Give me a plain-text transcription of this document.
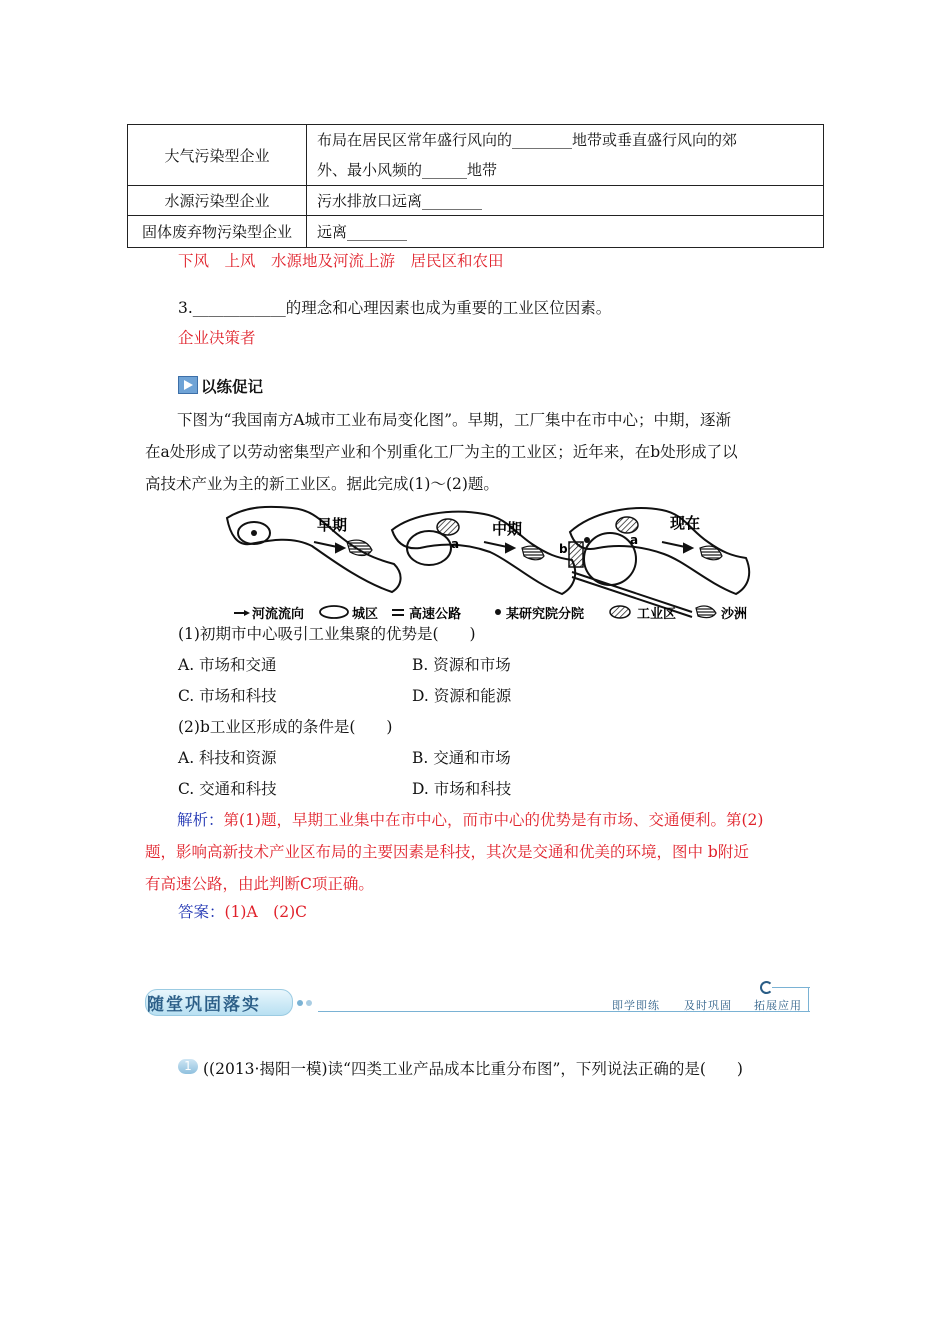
大气污染型企业	布局在居民区常年盛行风向的________地带或垂直盛行风向的郊
外、最小风频的______地带

水源污染型企业	污水排放口远离________
固体废弃物污染型企业	远离________
下风　上风　水源地及河流上游　居民区和农田
3.____________的理念和心理因素也成为重要的工业区位因素。
企业决策者
以练促记
下图为“我国南方A城市工业布局变化图”。早期，工厂集中在市中心；中期，逐渐
在a处形成了以劳动密集型产业和个别重化工厂为主的工业区；近年来，在b处形成了以
高技术产业为主的新工业区。据此完成(1)～(2)题。
早期	中期	现在
a	b
a
河流流向	城区 高速公路	某研究院分院	工业区	沙洲
(1)初期市中心吸引工业集聚的优势是(　　)
A. 市场和交通	B. 资源和市场
C. 市场和科技	D. 资源和能源
(2)b工业区形成的条件是(　　)
A. 科技和资源	B. 交通和市场
C. 交通和科技	D. 市场和科技
解析：第(1)题，早期工业集中在市中心，而市中心的优势是有市场、交通便利。第(2)
题，影响高新技术产业区布局的主要因素是科技，其次是交通和优美的环境，图中 b附近
有高速公路，由此判断C项正确。
答案：(1)A　(2)C
随堂巩固落实	即学即练 及时巩固 拓展应用
1 ((2013·揭阳一模)读“四类工业产品成本比重分布图”，下列说法正确的是(　　)
